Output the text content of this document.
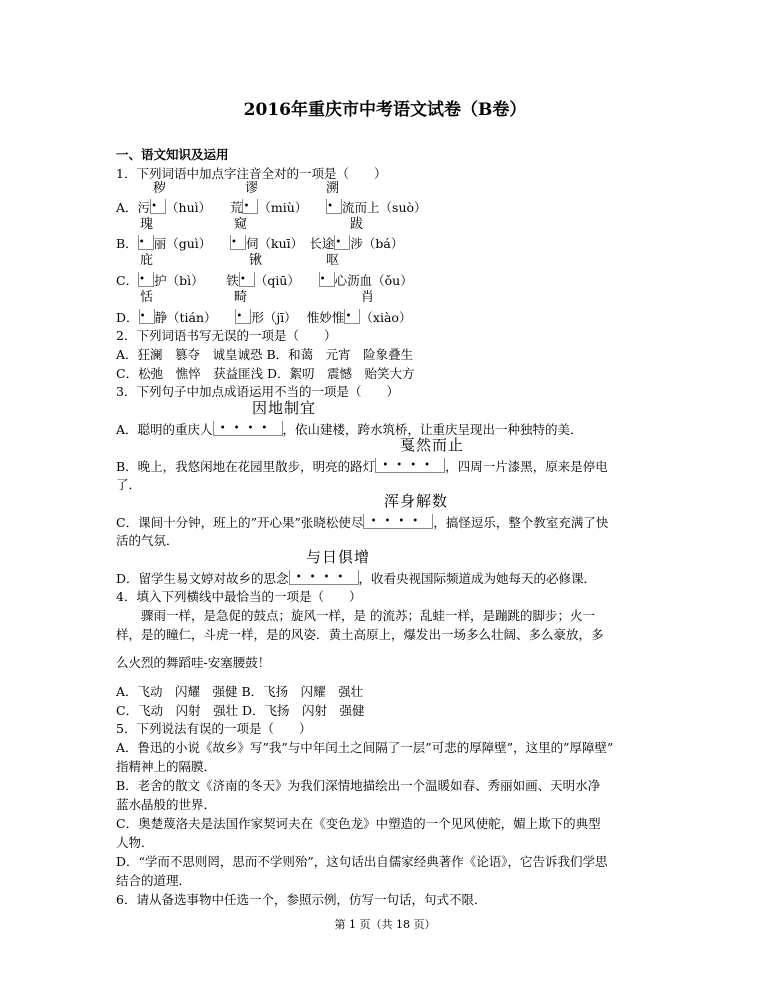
2016年重庆市中考语文试卷（B卷）
一、语文知识及运用
1．下列词语中加点字注音全对的一项是（　　）
秽	谬	溯
A．污 • （huì）　　荒 • （miù）　　 • 流而上（suò）
瑰	窥	跋
B． • 丽（guì）　　 • 伺（kuī）　长途 • 涉（bá）
庇	锹	呕
C． • 护（bì）　　 铁 • （qiū）　　 • 心沥血（ǒu）
恬	畸	肖
D． • 静（tián）　　 • 形（jī）　 惟妙惟 • （xiào）
2．下列词语书写无误的一项是（　　）
A．狂澜　篡夺　诚皇诚恐 B．和蔼　元宵　险象叠生
C．松弛　憔悴　获益匪浅 D．絮叨　震憾　贻笑大方
3．下列句子中加点成语运用不当的一项是（　　）
因地制宜
A．聪明的重庆人 •••• ，依山建楼，跨水筑桥，让重庆呈现出一种独特的美．
戛然而止
B．晚上，我悠闲地在花园里散步，明亮的路灯 •••• ，四周一片漆黑，原来是停电
了．
浑身解数
C．课间十分钟，班上的”开心果”张晓松使尽 •••• ，搞怪逗乐，整个教室充满了快
活的气氛．
与日俱增
D．留学生易文婷对故乡的思念 •••• ，收看央视国际频道成为她每天的必修课．
4．填入下列横线中最恰当的一项是（　　）
骤雨一样，是急促的鼓点；旋风一样，是 的流苏；乱蛙一样，是蹦跳的脚步；火一
样，是的瞳仁，斗虎一样，是的风姿．黄土高原上，爆发出一场多么壮阔、多么豪放，多
么火烈的舞蹈哇-安塞腰鼓！
A．飞动　闪耀　强健 B．飞扬　闪耀　强壮
C．飞动　闪射　强壮 D．飞扬　闪射　强健
5．下列说法有误的一项是（　　）
A．鲁迅的小说《故乡》写”我”与中年闰土之间隔了一层”可悲的厚障壁”，这里的”厚障壁”
指精神上的隔膜．
B．老舍的散文《济南的冬天》为我们深情地描绘出一个温暖如春、秀丽如画、天明水净
蓝水晶般的世界．
C．奥楚蔑洛夫是法国作家契诃夫在《变色龙》中塑造的一个见风使舵，媚上欺下的典型
人物．
D．“学而不思则罔，思而不学则殆”，这句话出自儒家经典著作《论语》，它告诉我们学思
结合的道理．
6．请从备选事物中任选一个，参照示例，仿写一句话，句式不限．
第 1 页（共 18 页）
